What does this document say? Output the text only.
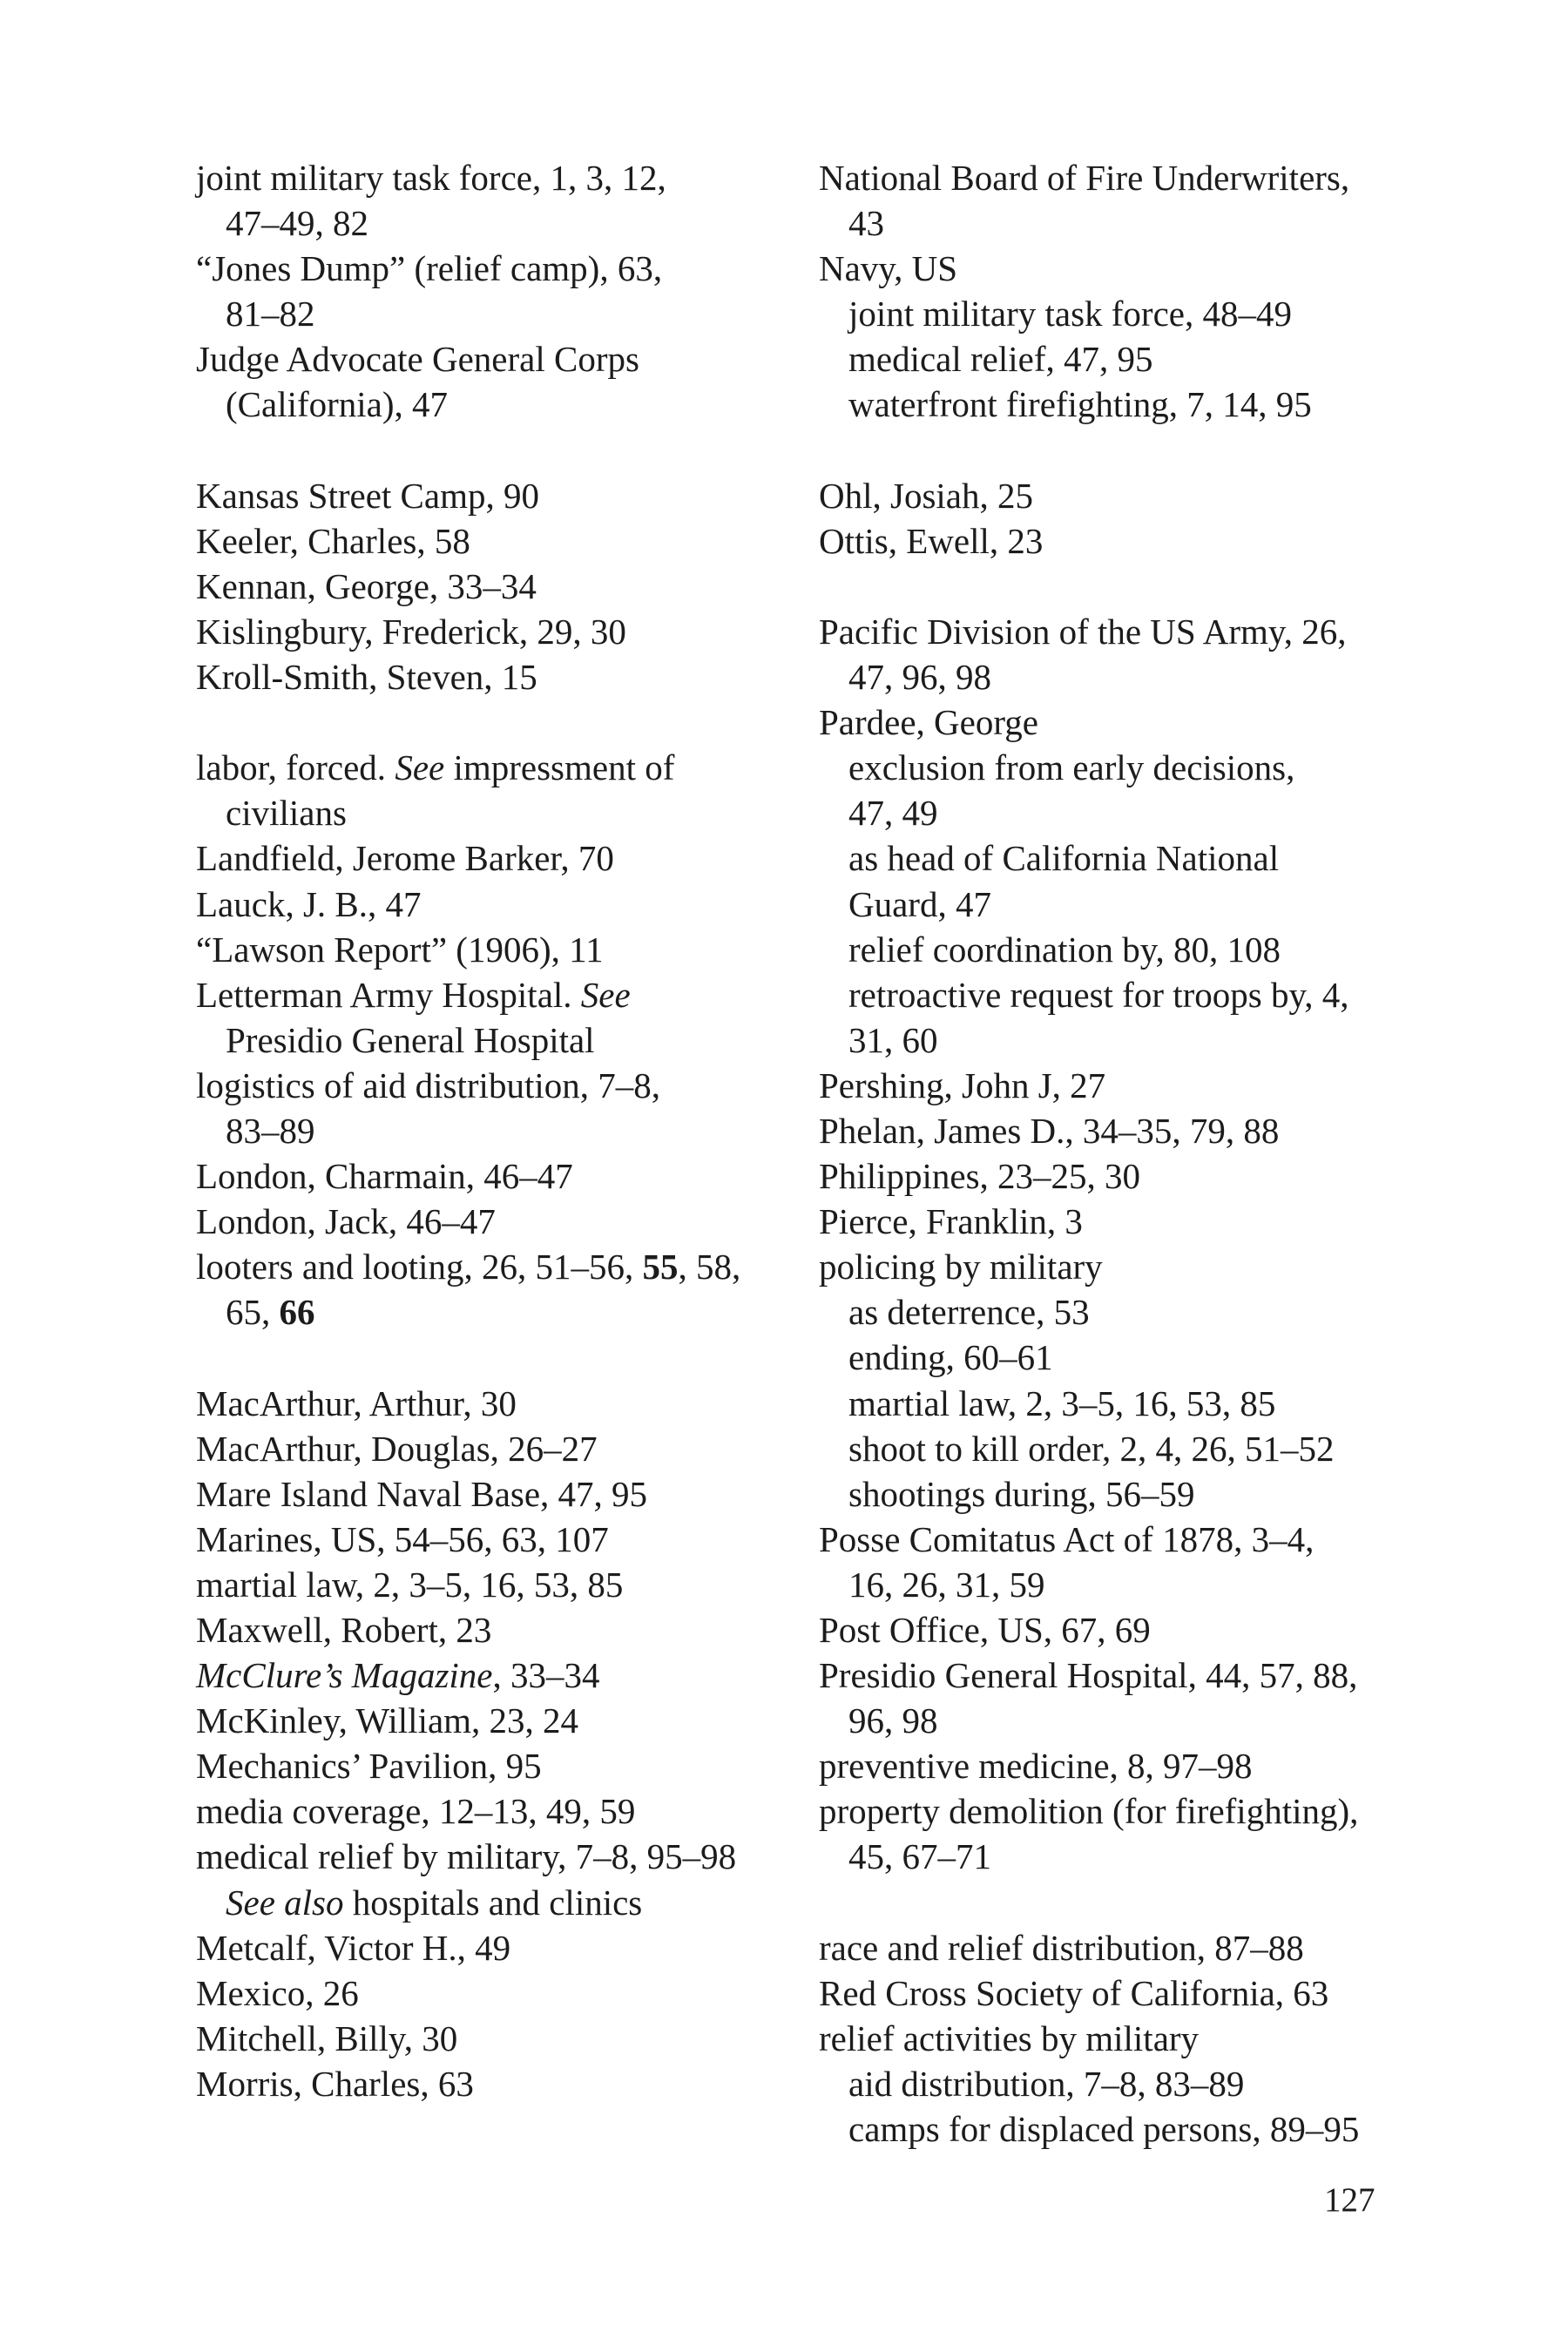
joint military task force, 1, 3, 12,
47–49, 82
“Jones Dump” (relief camp), 63,
81–82
Judge Advocate General Corps
(California), 47
Kansas Street Camp, 90
Keeler, Charles, 58
Kennan, George, 33–34
Kislingbury, Frederick, 29, 30
Kroll-Smith, Steven, 15
labor, forced. See impressment of
civilians
Landfield, Jerome Barker, 70
Lauck, J. B., 47
“Lawson Report” (1906), 11
Letterman Army Hospital. See
Presidio General Hospital
logistics of aid distribution, 7–8,
83–89
London, Charmain, 46–47
London, Jack, 46–47
looters and looting, 26, 51–56, 55, 58,
65, 66
MacArthur, Arthur, 30
MacArthur, Douglas, 26–27
Mare Island Naval Base, 47, 95
Marines, US, 54–56, 63, 107
martial law, 2, 3–5, 16, 53, 85
Maxwell, Robert, 23
McClure’s Magazine, 33–34
McKinley, William, 23, 24
Mechanics’ Pavilion, 95
media coverage, 12–13, 49, 59
medical relief by military, 7–8, 95–98
See also hospitals and clinics
Metcalf, Victor H., 49
Mexico, 26
Mitchell, Billy, 30
Morris, Charles, 63
National Board of Fire Underwriters,
43
Navy, US
joint military task force, 48–49
medical relief, 47, 95
waterfront firefighting, 7, 14, 95
Ohl, Josiah, 25
Ottis, Ewell, 23
Pacific Division of the US Army, 26,
47, 96, 98
Pardee, George
exclusion from early decisions,
47, 49
as head of California National
Guard, 47
relief coordination by, 80, 108
retroactive request for troops by, 4,
31, 60
Pershing, John J, 27
Phelan, James D., 34–35, 79, 88
Philippines, 23–25, 30
Pierce, Franklin, 3
policing by military
as deterrence, 53
ending, 60–61
martial law, 2, 3–5, 16, 53, 85
shoot to kill order, 2, 4, 26, 51–52
shootings during, 56–59
Posse Comitatus Act of 1878, 3–4,
16, 26, 31, 59
Post Office, US, 67, 69
Presidio General Hospital, 44, 57, 88,
96, 98
preventive medicine, 8, 97–98
property demolition (for firefighting),
45, 67–71
race and relief distribution, 87–88
Red Cross Society of California, 63
relief activities by military
aid distribution, 7–8, 83–89
camps for displaced persons, 89–95
127
